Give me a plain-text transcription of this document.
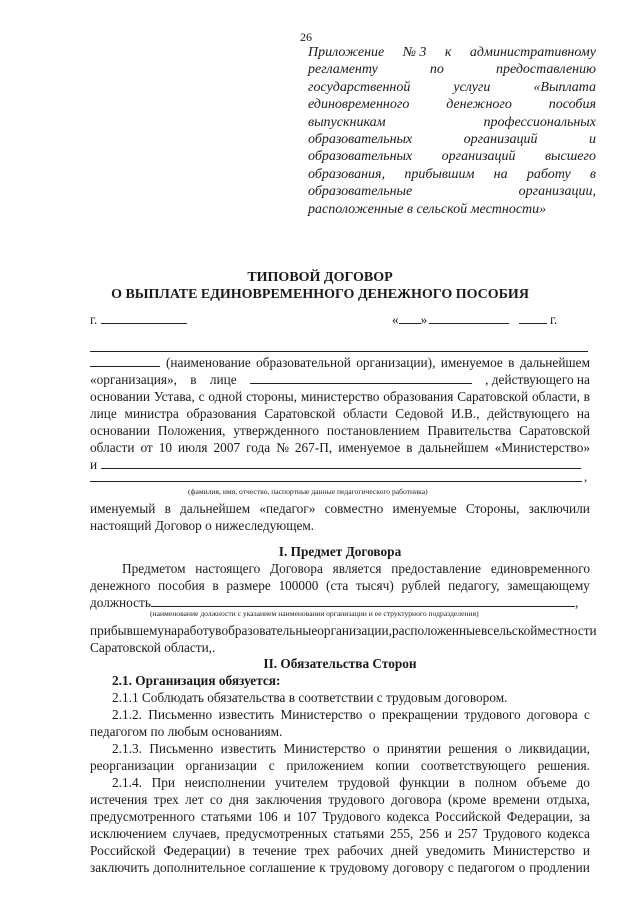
26
Приложение № 3 к административному
регламенту	по	предоставлению
государственной	услуги	«Выплата
единовременного	денежного	пособия
выпускникам	профессиональных
образовательных	организаций	и
образовательных организаций высшего
образования, прибывшим на работу в
образовательные	организации,
расположенные в сельской местности»
ТИПОВОЙ ДОГОВОР
О ВЫПЛАТЕ ЕДИНОВРЕМЕННОГО ДЕНЕЖНОГО ПОСОБИЯ
г.	« »	г.
(наименование образовательной организации), именуемое в дальнейшем
«организация», в лице	, действующего на
основании Устава, с одной стороны, министерство образования Саратовской области, в
лице министра образования Саратовской области Седовой И.В., действующего на
основании Положения, утвержденного постановлением Правительства Саратовской
области от 10 июля 2007 года № 267-П, именуемое в дальнейшем «Министерство»
и
,
(фамилия, имя, отчество, паспортные данные педагогического работника)
именуемый в дальнейшем «педагог» совместно именуемые Стороны, заключили
настоящий Договор о нижеследующем.
I. Предмет Договора
Предметом настоящего Договора является предоставление единовременного
денежного пособия в размере 100000 (ста тысяч) рублей педагогу, замещающему
должность	,
(наименование должности с указанием наименования организации и ее структурного подразделения)
прибывшему на работу в образовательные организации, расположенные в сельской местности
Саратовской области,.
II. Обязательства Сторон
2.1. Организация обязуется:
2.1.1 Соблюдать обязательства в соответствии с трудовым договором.
2.1.2. Письменно известить Министерство о прекращении трудового договора с
педагогом по любым основаниям.
2.1.3. Письменно известить Министерство о принятии решения о ликвидации,
реорганизации организации с приложением копии соответствующего решения.
2.1.4. При неисполнении учителем трудовой функции в полном объеме до
истечения трех лет со дня заключения трудового договора (кроме времени отдыха,
предусмотренного статьями 106 и 107 Трудового кодекса Российской Федерации, за
исключением случаев, предусмотренных статьями 255, 256 и 257 Трудового кодекса
Российской Федерации) в течение трех рабочих дней уведомить Министерство и
заключить дополнительное соглашение к трудовому договору с педагогом о продлении
